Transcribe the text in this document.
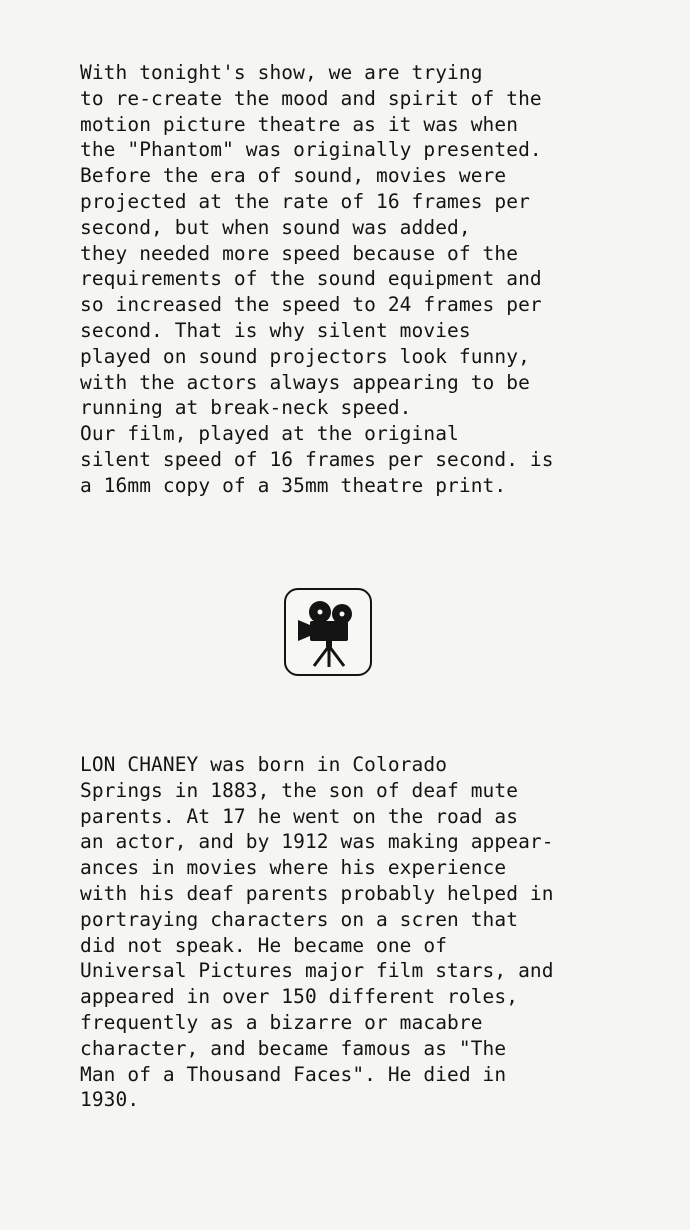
With tonight's show, we are trying
to re-create the mood and spirit of the
motion picture theatre as it was when
the "Phantom" was originally presented.
Before the era of sound, movies were
projected at the rate of 16 frames per
second, but when sound was added,
they needed more speed because of the
requirements of the sound equipment and
so increased the speed to 24 frames per
second. That is why silent movies
played on sound projectors look funny,
with the actors always appearing to be
running at break-neck speed.
Our film, played at the original
silent speed of 16 frames per second. is
a 16mm copy of a 35mm theatre print.
LON CHANEY was born in Colorado
Springs in 1883, the son of deaf mute
parents. At 17 he went on the road as
an actor, and by 1912 was making appear-
ances in movies where his experience
with his deaf parents probably helped in
portraying characters on a scren that
did not speak. He became one of
Universal Pictures major film stars, and
appeared in over 150 different roles,
frequently as a bizarre or macabre
character, and became famous as "The
Man of a Thousand Faces". He died in
1930.
